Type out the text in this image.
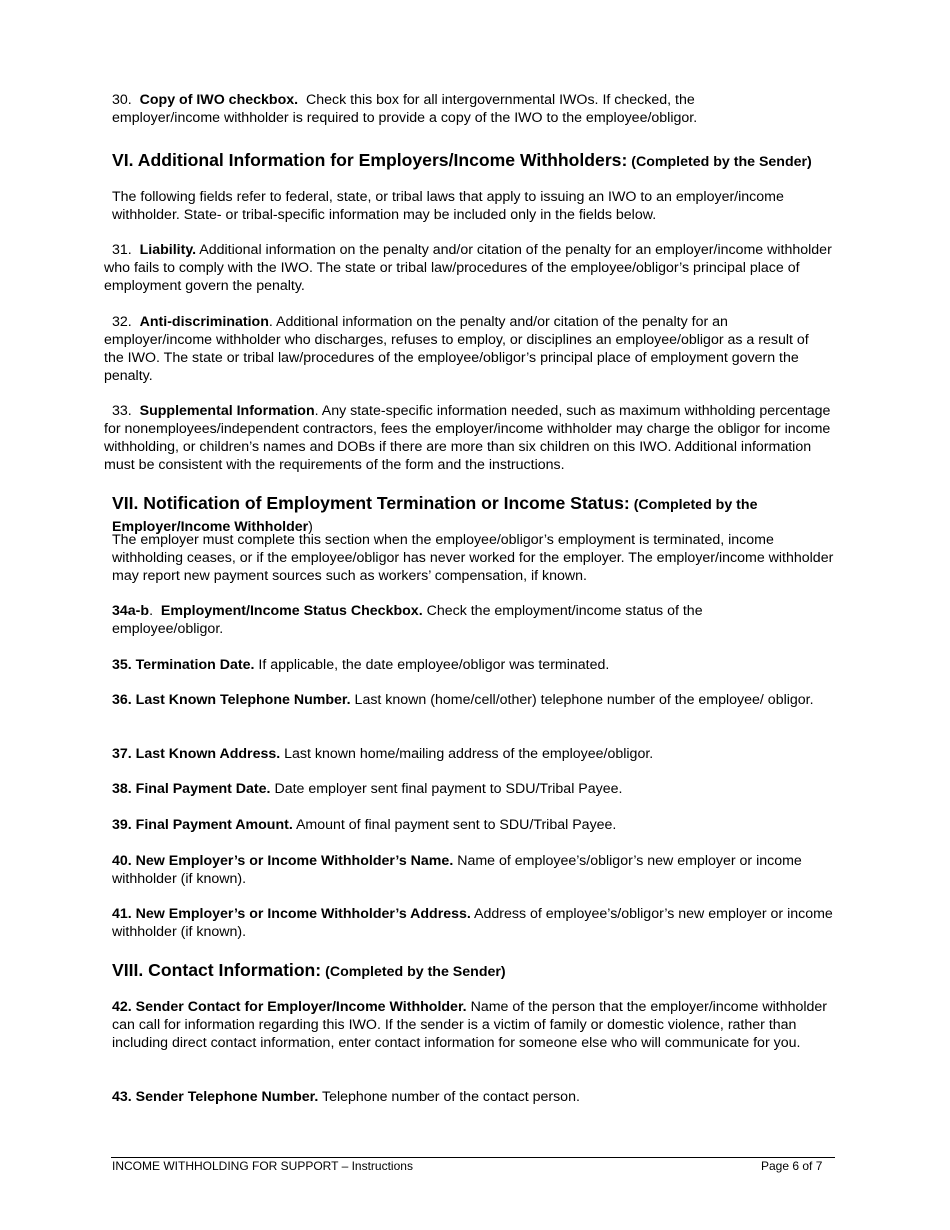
30. Copy of IWO checkbox. Check this box for all intergovernmental IWOs. If checked, the employer/income withholder is required to provide a copy of the IWO to the employee/obligor.

VI. Additional Information for Employers/Income Withholders: (Completed by the Sender)

The following fields refer to federal, state, or tribal laws that apply to issuing an IWO to an employer/income withholder. State- or tribal-specific information may be included only in the fields below.

31. Liability. Additional information on the penalty and/or citation of the penalty for an employer/income withholder who fails to comply with the IWO. The state or tribal law/procedures of the employee/obligor’s principal place of employment govern the penalty.

32. Anti-discrimination. Additional information on the penalty and/or citation of the penalty for an employer/income withholder who discharges, refuses to employ, or disciplines an employee/obligor as a result of the IWO. The state or tribal law/procedures of the employee/obligor’s principal place of employment govern the penalty.

33. Supplemental Information. Any state-specific information needed, such as maximum withholding percentage for nonemployees/independent contractors, fees the employer/income withholder may charge the obligor for income withholding, or children’s names and DOBs if there are more than six children on this IWO. Additional information must be consistent with the requirements of the form and the instructions.

VII. Notification of Employment Termination or Income Status: (Completed by the Employer/Income Withholder)

The employer must complete this section when the employee/obligor’s employment is terminated, income withholding ceases, or if the employee/obligor has never worked for the employer. The employer/income withholder may report new payment sources such as workers’ compensation, if known.

34a-b.  Employment/Income Status Checkbox. Check the employment/income status of the employee/obligor.

35. Termination Date. If applicable, the date employee/obligor was terminated.

36. Last Known Telephone Number. Last known (home/cell/other) telephone number of the employee/ obligor.

37. Last Known Address. Last known home/mailing address of the employee/obligor.

38. Final Payment Date. Date employer sent final payment to SDU/Tribal Payee.

39. Final Payment Amount. Amount of final payment sent to SDU/Tribal Payee.

40. New Employer’s or Income Withholder’s Name. Name of employee’s/obligor’s new employer or income withholder (if known).

41. New Employer’s or Income Withholder’s Address. Address of employee’s/obligor’s new employer or income withholder (if known).

VIII. Contact Information: (Completed by the Sender)

42. Sender Contact for Employer/Income Withholder. Name of the person that the employer/income withholder can call for information regarding this IWO. If the sender is a victim of family or domestic violence, rather than including direct contact information, enter contact information for someone else who will communicate for you.

43. Sender Telephone Number. Telephone number of the contact person.

INCOME WITHHOLDING FOR SUPPORT – Instructions	Page 6 of 7
